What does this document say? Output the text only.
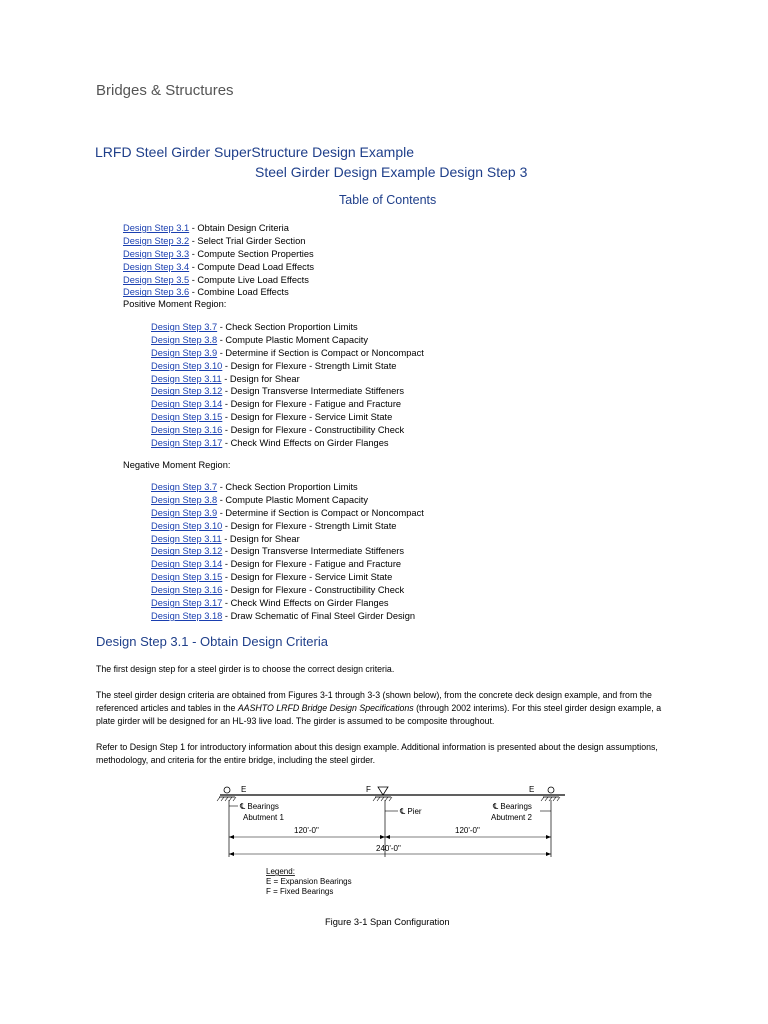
Bridges & Structures
LRFD Steel Girder SuperStructure Design Example
Steel Girder Design Example Design Step 3
Table of Contents
Design Step 3.1 - Obtain Design Criteria
Design Step 3.2 - Select Trial Girder Section
Design Step 3.3 - Compute Section Properties
Design Step 3.4 - Compute Dead Load Effects
Design Step 3.5 - Compute Live Load Effects
Design Step 3.6 - Combine Load Effects
Positive Moment Region:
Design Step 3.7 - Check Section Proportion Limits
Design Step 3.8 - Compute Plastic Moment Capacity
Design Step 3.9 - Determine if Section is Compact or Noncompact
Design Step 3.10 - Design for Flexure - Strength Limit State
Design Step 3.11 - Design for Shear
Design Step 3.12 - Design Transverse Intermediate Stiffeners
Design Step 3.14 - Design for Flexure - Fatigue and Fracture
Design Step 3.15 - Design for Flexure - Service Limit State
Design Step 3.16 - Design for Flexure - Constructibility Check
Design Step 3.17 - Check Wind Effects on Girder Flanges
Negative Moment Region:
Design Step 3.7 - Check Section Proportion Limits
Design Step 3.8 - Compute Plastic Moment Capacity
Design Step 3.9 - Determine if Section is Compact or Noncompact
Design Step 3.10 - Design for Flexure - Strength Limit State
Design Step 3.11 - Design for Shear
Design Step 3.12 - Design Transverse Intermediate Stiffeners
Design Step 3.14 - Design for Flexure - Fatigue and Fracture
Design Step 3.15 - Design for Flexure - Service Limit State
Design Step 3.16 - Design for Flexure - Constructibility Check
Design Step 3.17 - Check Wind Effects on Girder Flanges
Design Step 3.18 - Draw Schematic of Final Steel Girder Design
Design Step 3.1 - Obtain Design Criteria
The first design step for a steel girder is to choose the correct design criteria.
The steel girder design criteria are obtained from Figures 3-1 through 3-3 (shown below), from the concrete deck design example, and from the referenced articles and tables in the AASHTO LRFD Bridge Design Specifications (through 2002 interims). For this steel girder design example, a plate girder will be designed for an HL-93 live load. The girder is assumed to be composite throughout.
Refer to Design Step 1 for introductory information about this design example. Additional information is presented about the design assumptions, methodology, and criteria for the entire bridge, including the steel girder.
E	F	E
℄ Bearings
Abutment 1
℄ Pier
℄ Bearings
Abutment 2
120'-0"	120'-0"
240'-0"
Legend:
E = Expansion Bearings
F = Fixed Bearings
Figure 3-1 Span Configuration
